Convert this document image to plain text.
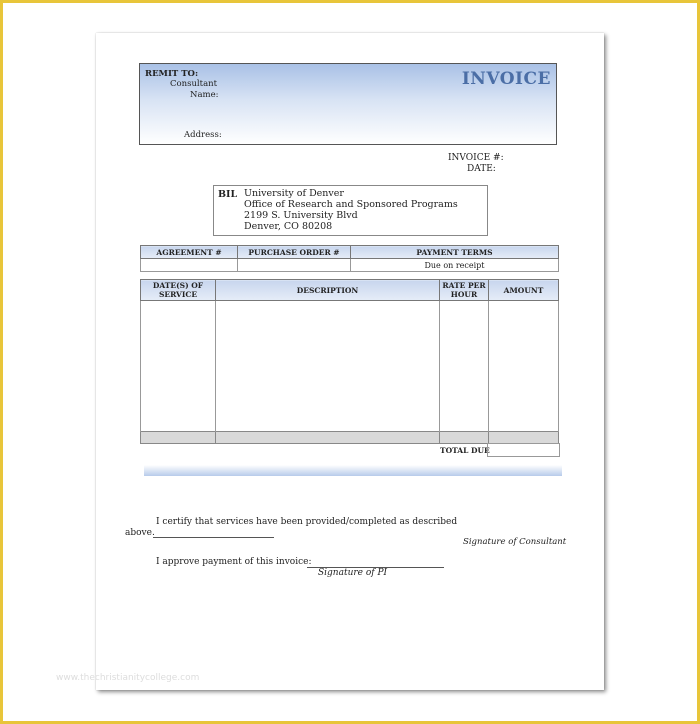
REMIT TO:
Consultant
Name:
Address:
INVOICE
INVOICE #:
DATE:
BIL University of Denver
Office of Research and Sponsored Programs
2199 S. University Blvd
Denver, CO 80208
AGREEMENT #	PURCHASE ORDER #	PAYMENT TERMS
		Due on receipt
DATE(S) OF SERVICE	DESCRIPTION	RATE PER HOUR	AMOUNT

TOTAL DUE
I certify that services have been provided/completed as described
above.
Signature of Consultant
I approve payment of this invoice:
Signature of PI
www.thechristianitycollege.com
